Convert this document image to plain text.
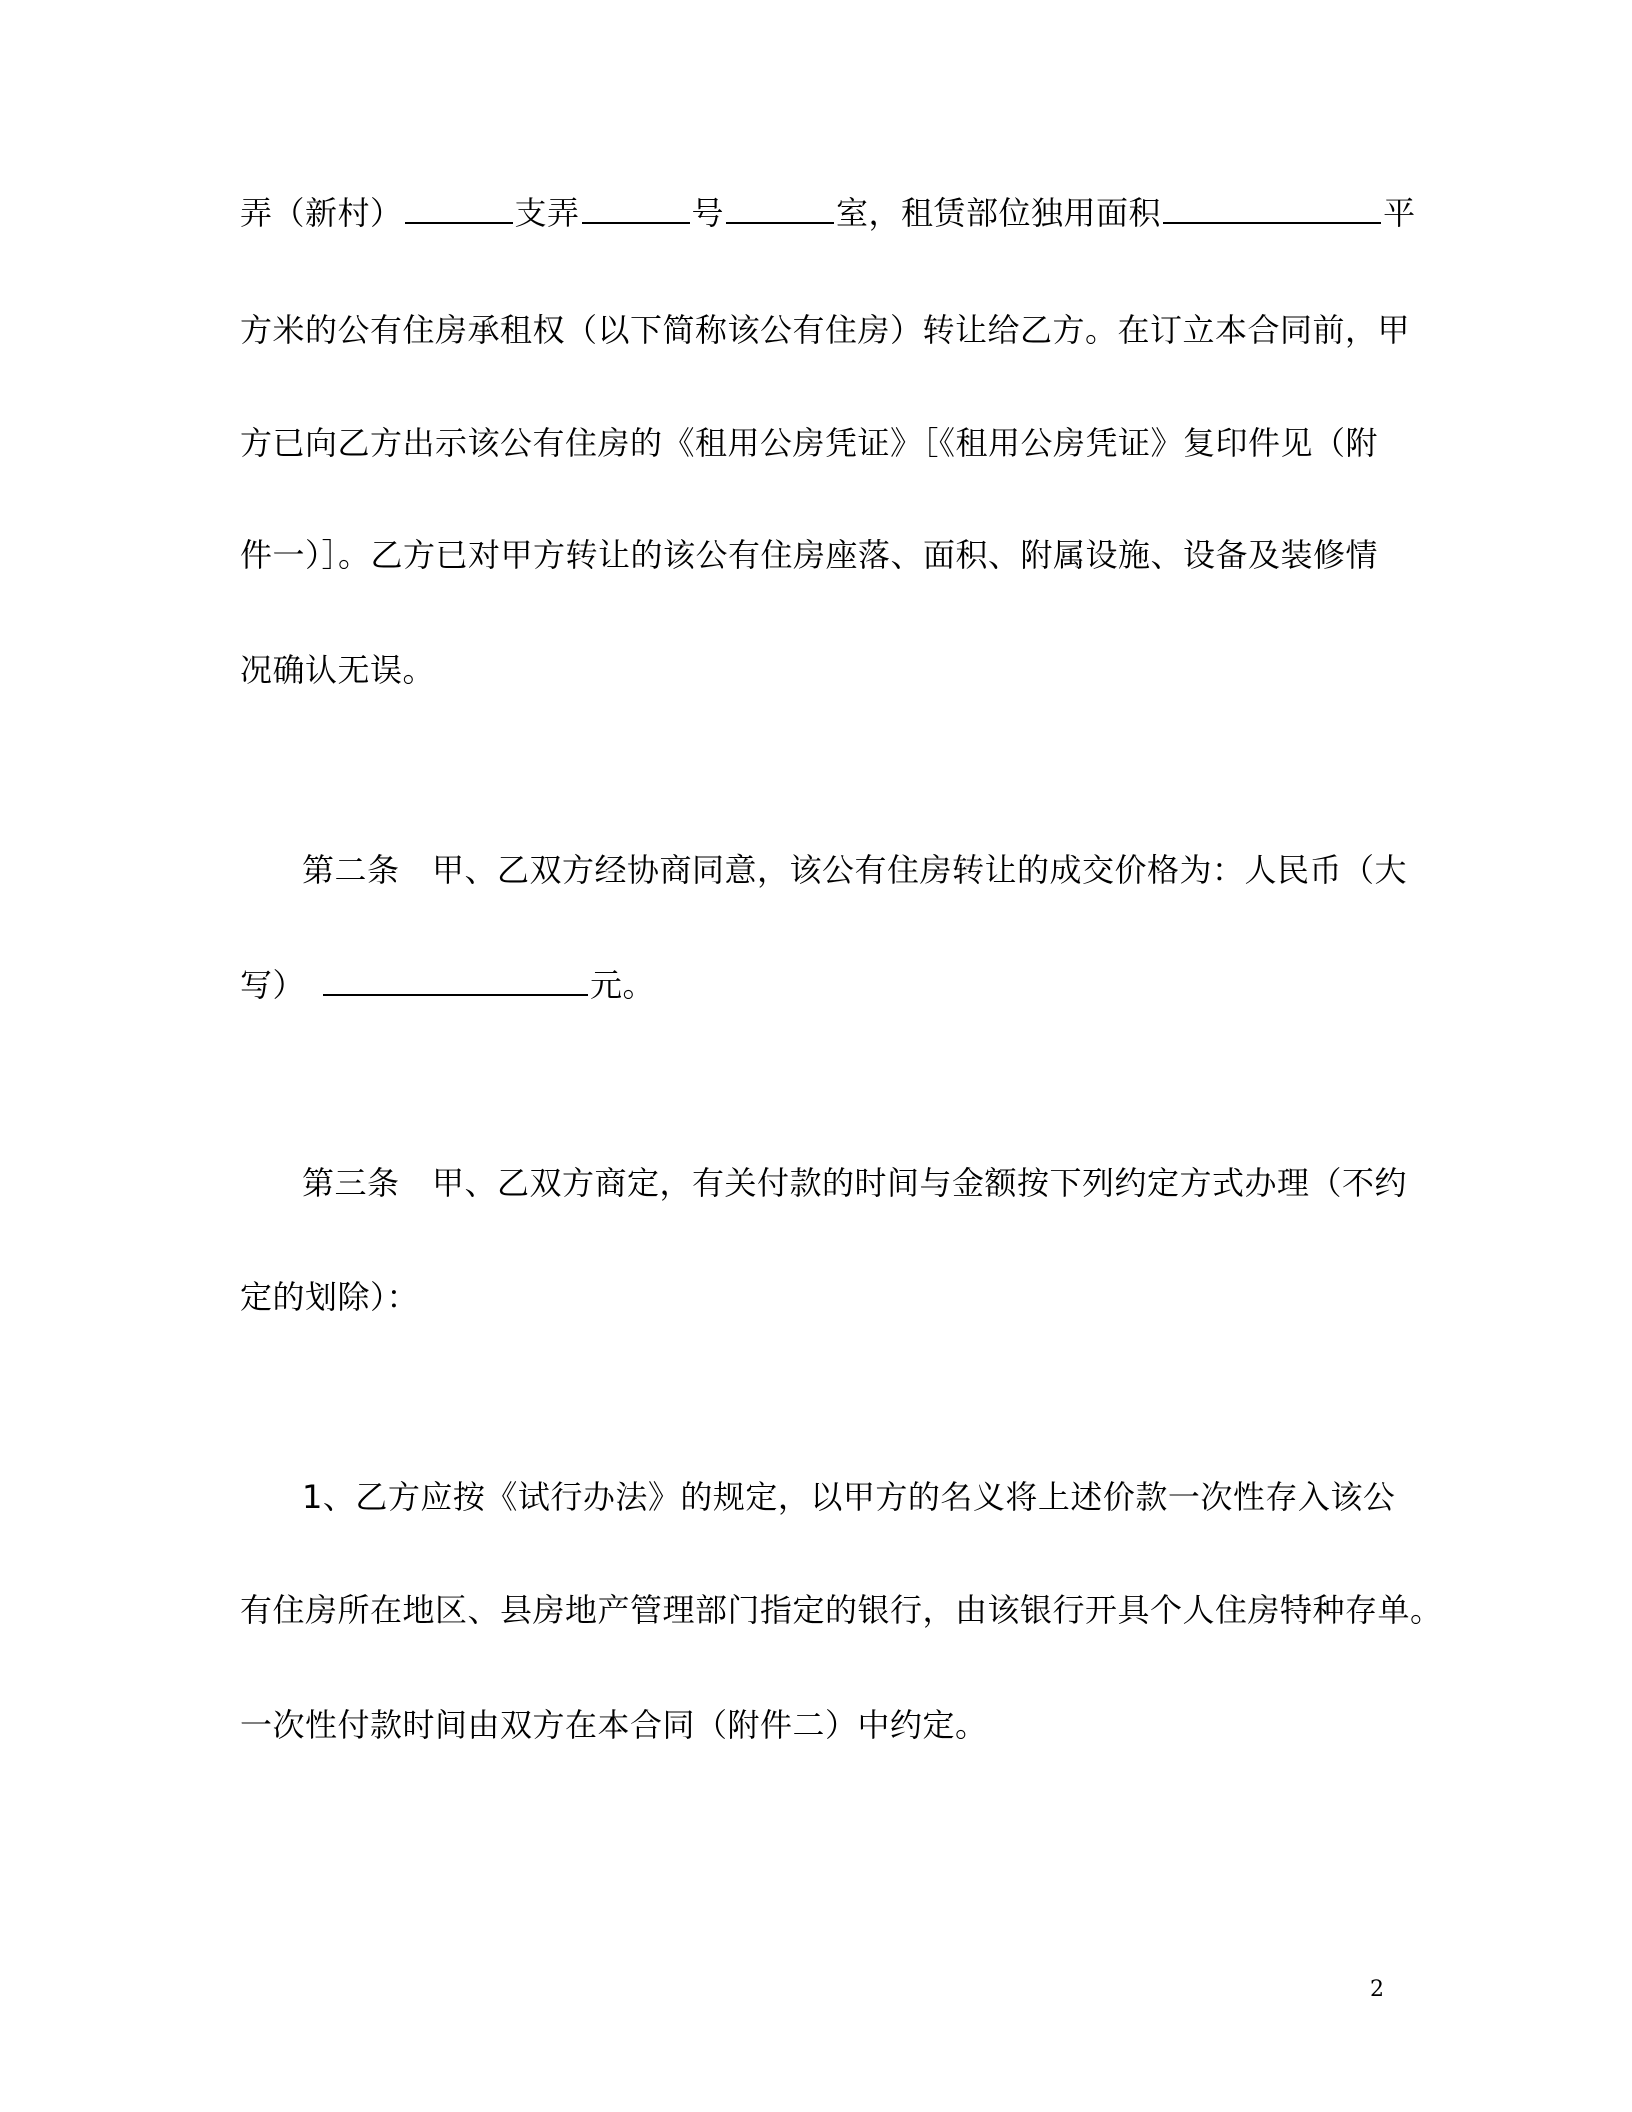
弄（新村）	支弄	号	室，租赁部位独用面积	平
方米的公有住房承租权（以下简称该公有住房）转让给乙方。在订立本合同前，甲
方已向乙方出示该公有住房的《租用公房凭证》［《租用公房凭证》复印件见（附
件一）］。乙方已对甲方转让的该公有住房座落、面积、附属设施、设备及装修情
况确认无误。
第二条　甲、乙双方经协商同意，该公有住房转让的成交价格为：人民币（大
写）	元。
第三条　甲、乙双方商定，有关付款的时间与金额按下列约定方式办理（不约
定的划除）：
1、乙方应按《试行办法》的规定，以甲方的名义将上述价款一次性存入该公
有住房所在地区、县房地产管理部门指定的银行，由该银行开具个人住房特种存单。
一次性付款时间由双方在本合同（附件二）中约定。
2
